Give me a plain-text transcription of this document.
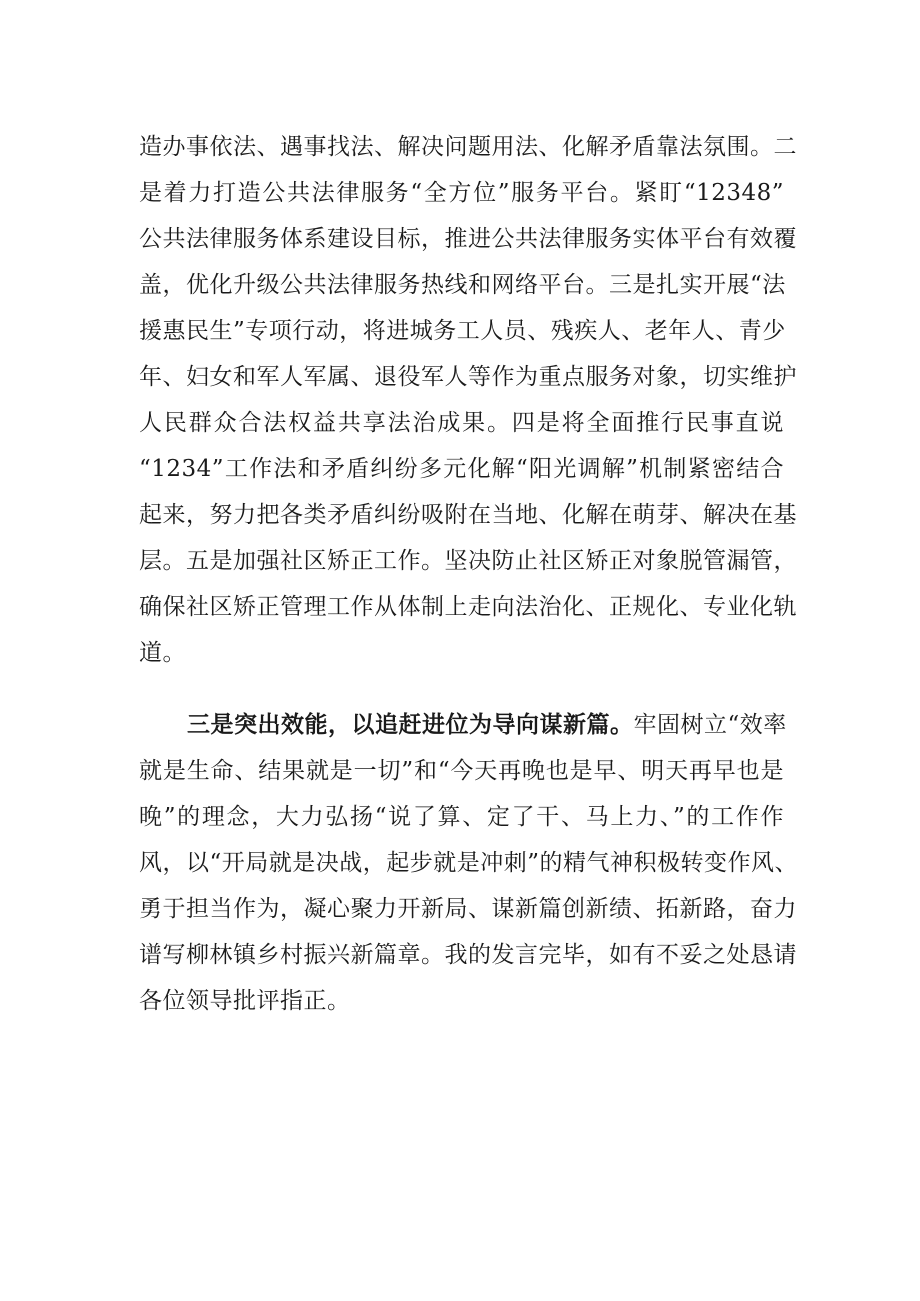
造办事依法、遇事找法、解决问题用法、化解矛盾靠法氛围。二
是着力打造公共法律服务“全方位”服务平台。紧盯“12348”
公共法律服务体系建设目标，推进公共法律服务实体平台有效覆
盖，优化升级公共法律服务热线和网络平台。三是扎实开展“法
援惠民生”专项行动，将进城务工人员、残疾人、老年人、青少
年、妇女和军人军属、退役军人等作为重点服务对象，切实维护
人民群众合法权益共享法治成果。四是将全面推行民事直说
“1234”工作法和矛盾纠纷多元化解“阳光调解”机制紧密结合
起来，努力把各类矛盾纠纷吸附在当地、化解在萌芽、解决在基
层。五是加强社区矫正工作。坚决防止社区矫正对象脱管漏管，
确保社区矫正管理工作从体制上走向法治化、正规化、专业化轨
道。
三是突出效能，以追赶进位为导向谋新篇。牢固树立“效率
就是生命、结果就是一切”和“今天再晚也是早、明天再早也是
晚”的理念，大力弘扬“说了算、定了干、马上力、”的工作作
风，以“开局就是决战，起步就是冲刺”的精气神积极转变作风、
勇于担当作为，凝心聚力开新局、谋新篇创新绩、拓新路，奋力
谱写柳林镇乡村振兴新篇章。我的发言完毕，如有不妥之处恳请
各位领导批评指正。
